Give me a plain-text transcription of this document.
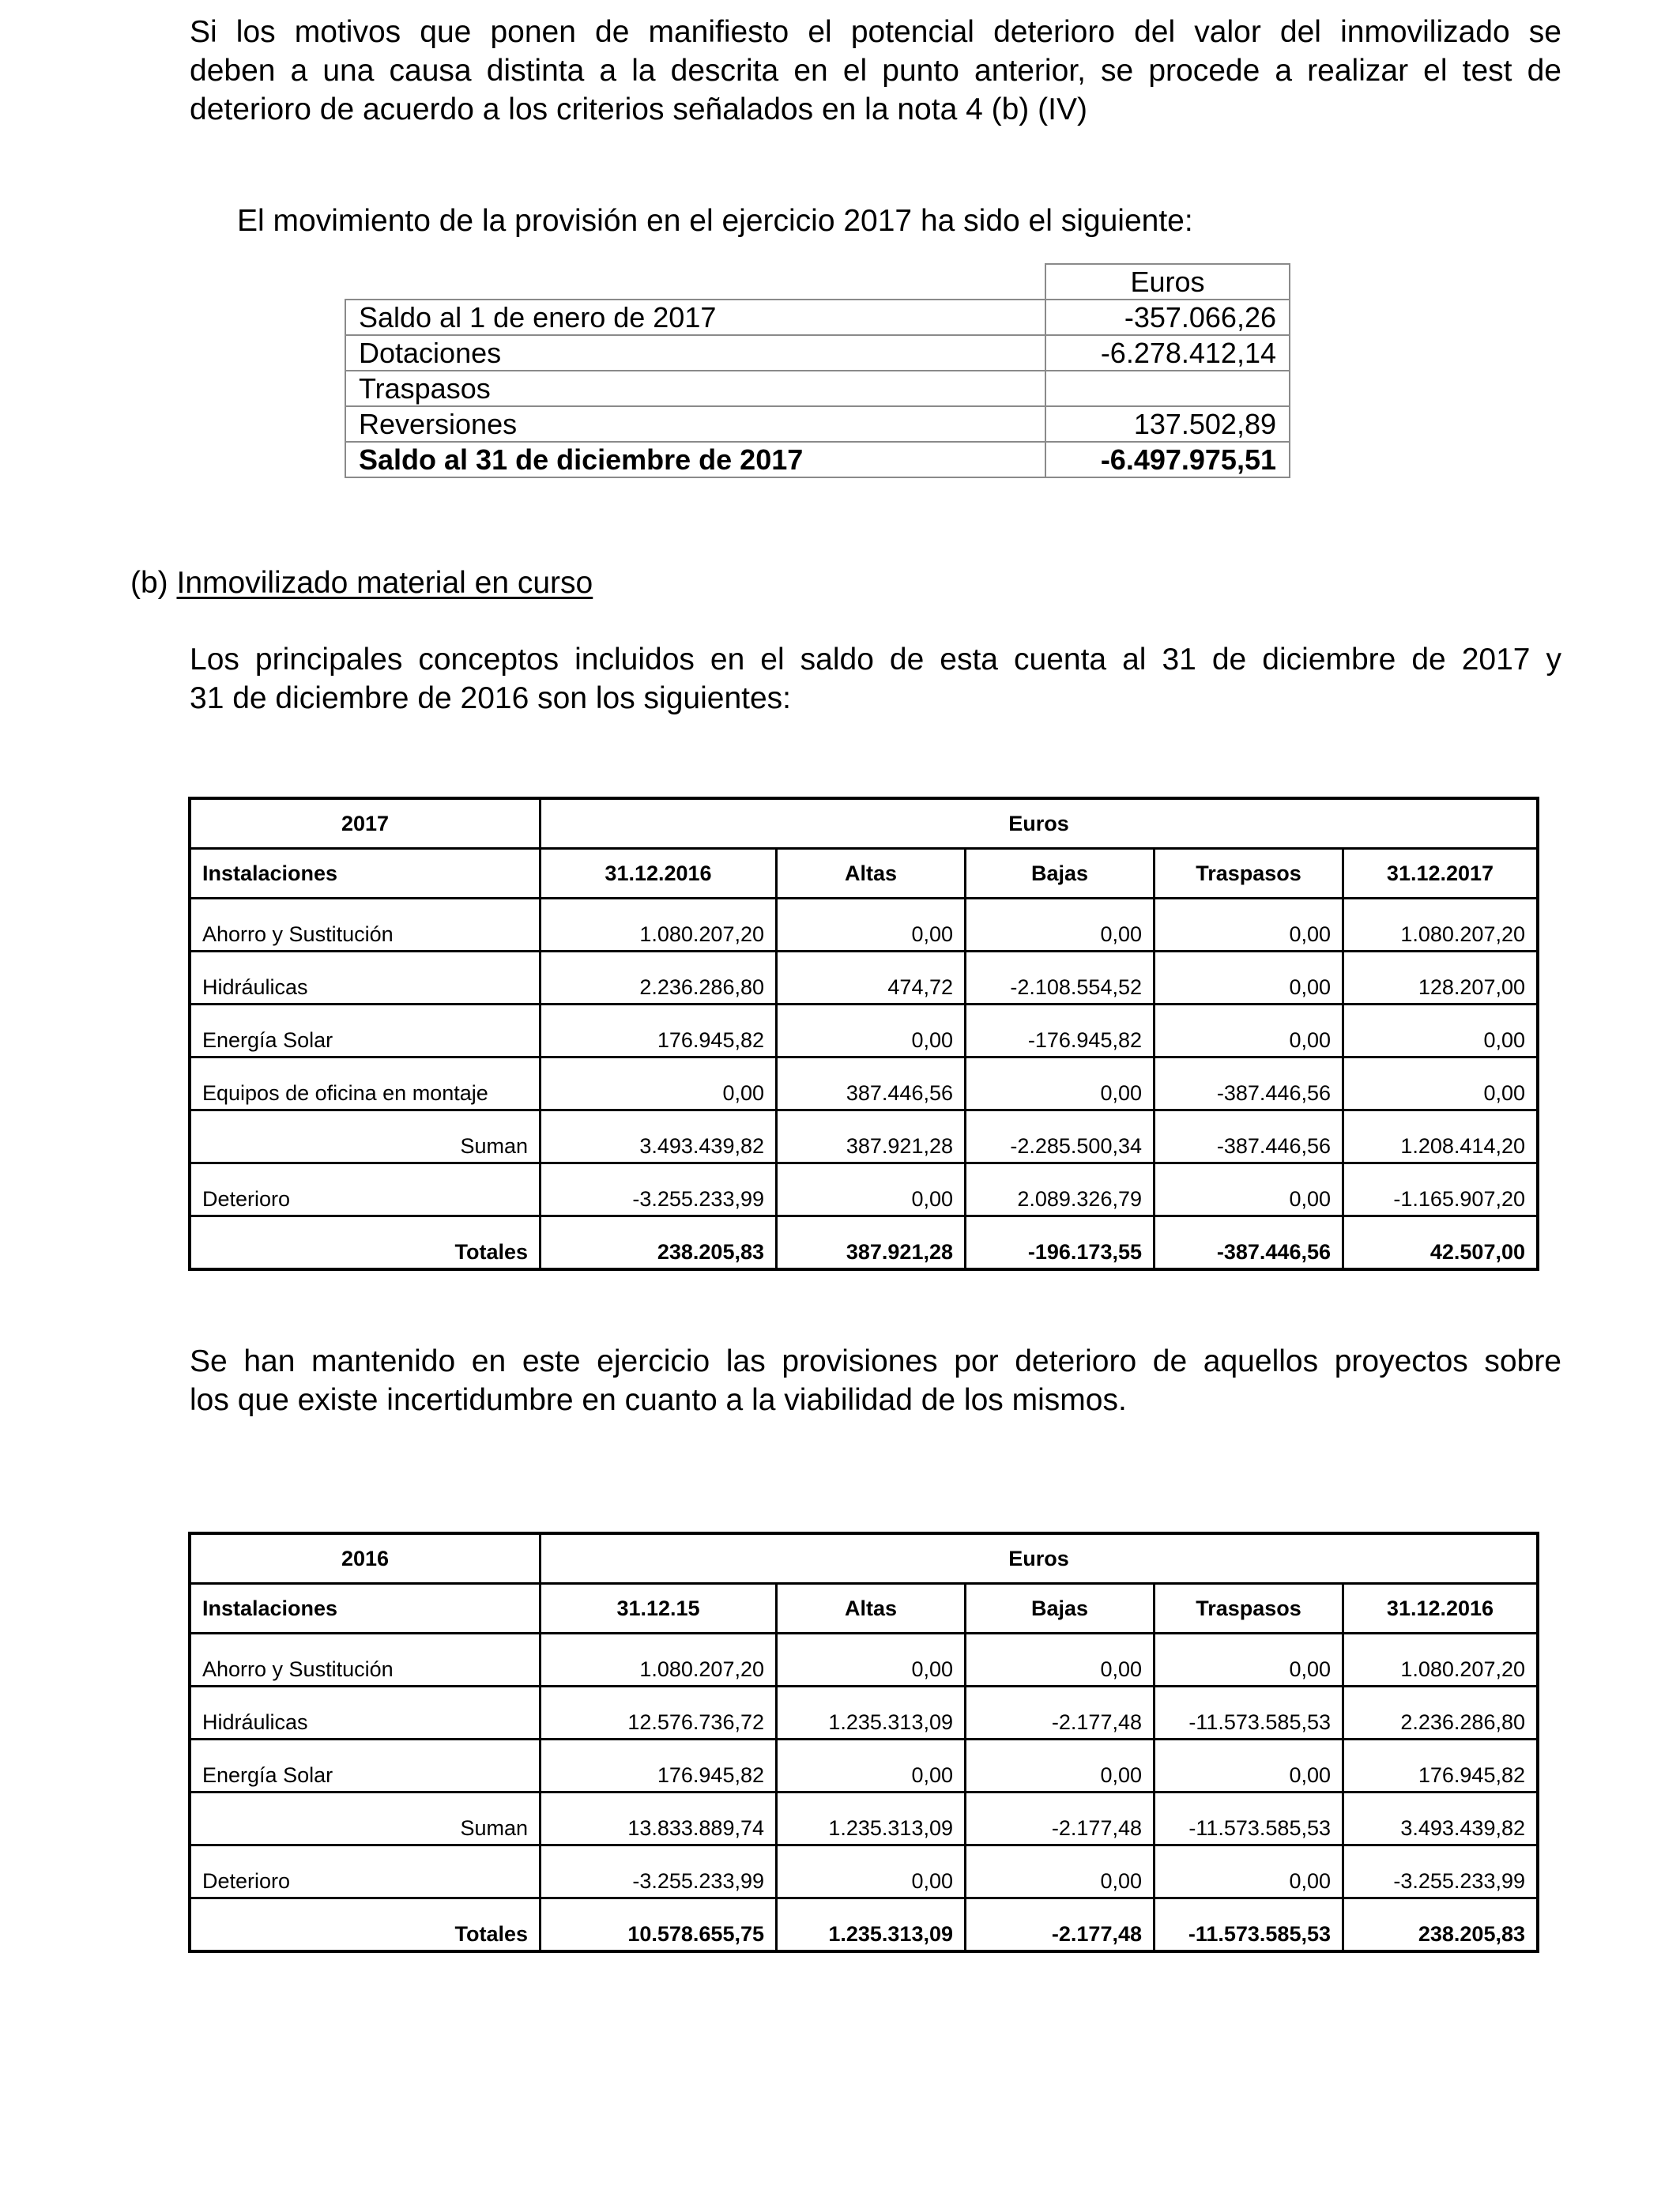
Si los motivos que ponen de manifiesto el potencial deterioro del valor del inmovilizado se
deben a una causa distinta a la descrita en el punto anterior, se procede a realizar el test de
deterioro de acuerdo a los criterios señalados en la nota 4 (b) (IV)

El movimiento de la provisión en el ejercicio 2017 ha sido el siguiente:

	Euros
Saldo al 1 de enero de 2017	-357.066,26
Dotaciones	-6.278.412,14
Traspasos	
Reversiones	137.502,89
Saldo al 31 de diciembre de 2017	-6.497.975,51

(b) Inmovilizado material en curso

Los principales conceptos incluidos en el saldo de esta cuenta al 31 de diciembre de 2017 y
31 de diciembre de 2016 son los siguientes:

2017	Euros				
Instalaciones	31.12.2016	Altas	Bajas	Traspasos	31.12.2017
Ahorro y Sustitución	1.080.207,20	0,00	0,00	0,00	1.080.207,20
Hidráulicas	2.236.286,80	474,72	-2.108.554,52	0,00	128.207,00
Energía Solar	176.945,82	0,00	-176.945,82	0,00	0,00
Equipos de oficina en montaje	0,00	387.446,56	0,00	-387.446,56	0,00
Suman	3.493.439,82	387.921,28	-2.285.500,34	-387.446,56	1.208.414,20
Deterioro	-3.255.233,99	0,00	2.089.326,79	0,00	-1.165.907,20
Totales	238.205,83	387.921,28	-196.173,55	-387.446,56	42.507,00

Se han mantenido en este ejercicio las provisiones por deterioro de aquellos proyectos sobre
los que existe incertidumbre en cuanto a la viabilidad de los mismos.

2016	Euros				
Instalaciones	31.12.15	Altas	Bajas	Traspasos	31.12.2016
Ahorro y Sustitución	1.080.207,20	0,00	0,00	0,00	1.080.207,20
Hidráulicas	12.576.736,72	1.235.313,09	-2.177,48	-11.573.585,53	2.236.286,80
Energía Solar	176.945,82	0,00	0,00	0,00	176.945,82
Suman	13.833.889,74	1.235.313,09	-2.177,48	-11.573.585,53	3.493.439,82
Deterioro	-3.255.233,99	0,00	0,00	0,00	-3.255.233,99
Totales	10.578.655,75	1.235.313,09	-2.177,48	-11.573.585,53	238.205,83
